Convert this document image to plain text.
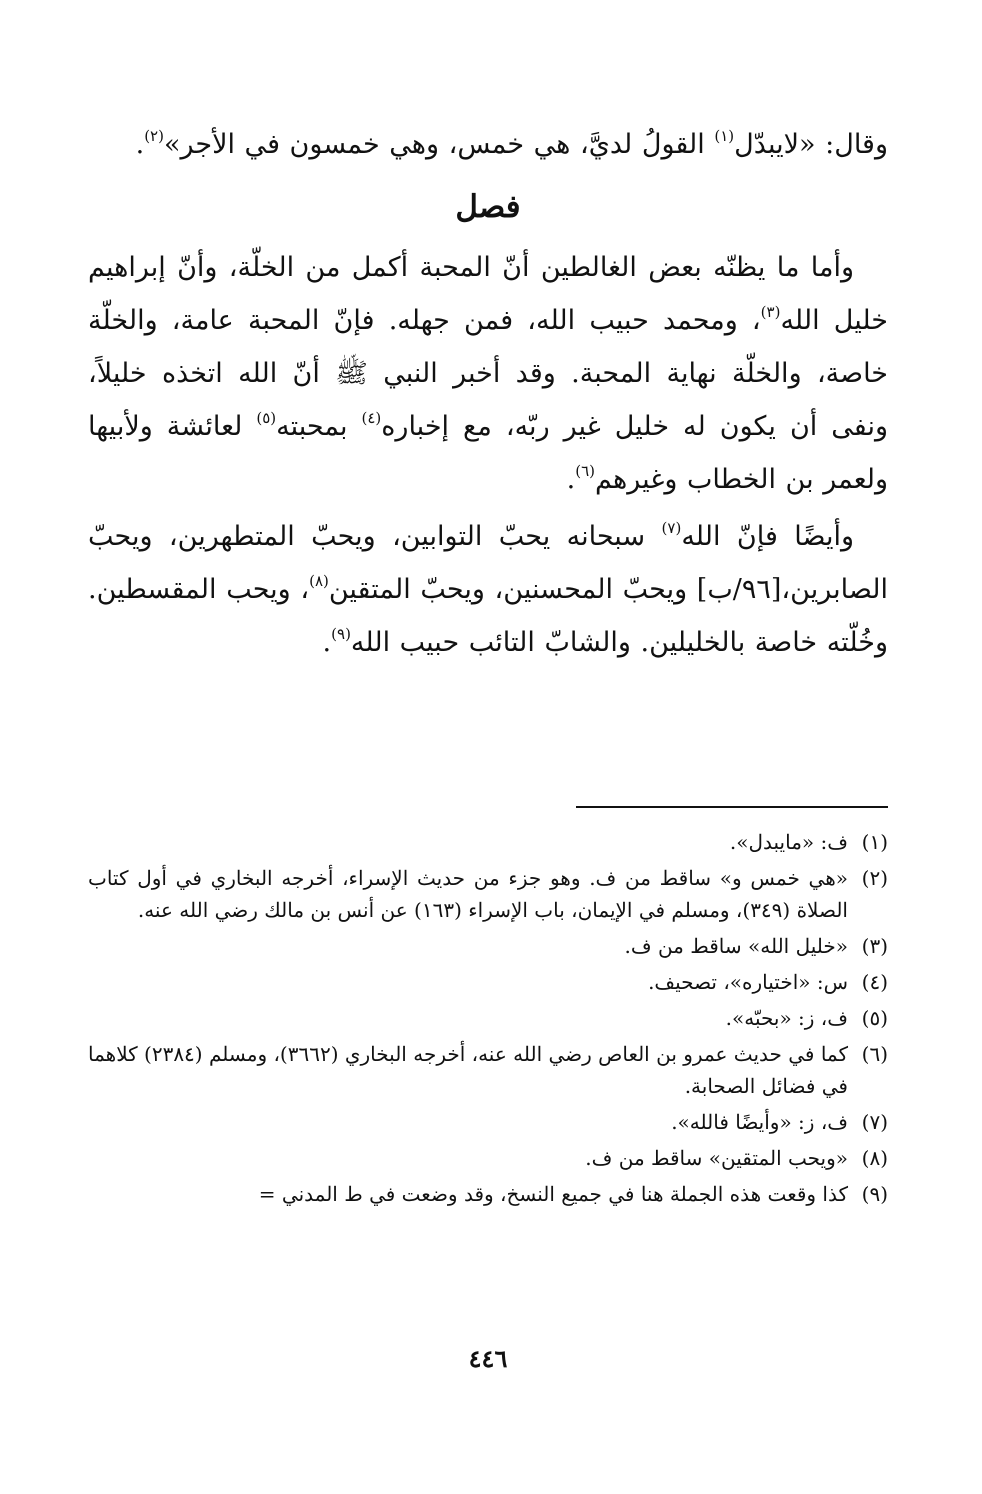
وقال: «لايبدّل$^{(١)}$ القولُ لديَّ، هي خمس، وهي خمسون في الأجر»$^{(٢)}$.

فصل

وأما ما يظنّه بعض الغالطين أنّ المحبة أكمل من الخلّة، وأنّ إبراهيم خليل الله$^{(٣)}$، ومحمد حبيب الله، فمن جهله. فإنّ المحبة عامة، والخلّة خاصة، والخلّة نهاية المحبة. وقد أخبر النبي ﷺ أنّ الله اتخذه خليلاً، ونفى أن يكون له خليل غير ربّه، مع إخباره$^{(٤)}$ بمحبته$^{(٥)}$ لعائشة ولأبيها ولعمر بن الخطاب وغيرهم$^{(٦)}$.

وأيضًا فإنّ الله$^{(٧)}$ سبحانه يحبّ التوابين، ويحبّ المتطهرين، ويحبّ الصابرين،[٩٦/ب] ويحبّ المحسنين، ويحبّ المتقين$^{(٨)}$، ويحب المقسطين. وخُلّته خاصة بالخليلين. والشابّ التائب حبيب الله$^{(٩)}$.

(١)
ف: «مايبدل».
(٢)
«هي خمس و» ساقط من ف. وهو جزء من حديث الإسراء، أخرجه البخاري في أول كتاب الصلاة (٣٤٩)، ومسلم في الإيمان، باب الإسراء (١٦٣) عن أنس بن مالك رضي الله عنه.
(٣)
«خليل الله» ساقط من ف.
(٤)
س: «اختياره»، تصحيف.
(٥)
ف، ز: «بحبّه».
(٦)
كما في حديث عمرو بن العاص رضي الله عنه، أخرجه البخاري (٣٦٦٢)، ومسلم (٢٣٨٤) كلاهما في فضائل الصحابة.
(٧)
ف، ز: «وأيضًا فالله».
(٨)
«ويحب المتقين» ساقط من ف.
(٩)
كذا وقعت هذه الجملة هنا في جميع النسخ، وقد وضعت في ط المدني =
٤٤٦
